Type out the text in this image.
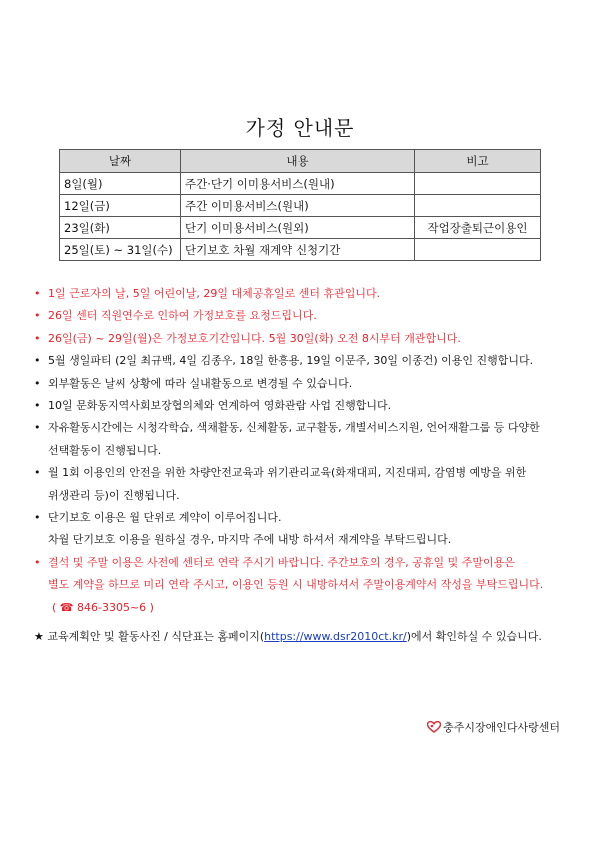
가정 안내문
날짜	내용	비고
8일(월)	주간·단기 이미용서비스(원내)	
12일(금)	주간 이미용서비스(원내)	
23일(화)	단기 이미용서비스(원외)	작업장출퇴근이용인
25일(토) ~ 31일(수)	단기보호 차월 재계약 신청기간	
• 1일 근로자의 날, 5일 어린이날, 29일 대체공휴일로 센터 휴관입니다.
• 26일 센터 직원연수로 인하여 가정보호를 요청드립니다.
• 26일(금) ~ 29일(월)은 가정보호기간입니다. 5월 30일(화) 오전 8시부터 개관합니다.
• 5월 생일파티 (2일 최규백, 4일 김종우, 18일 한흥용, 19일 이문주, 30일 이종건) 이용인 진행합니다.
• 외부활동은 날씨 상황에 따라 실내활동으로 변경될 수 있습니다.
• 10일 문화동지역사회보장협의체와 연계하여 영화관람 사업 진행합니다.
• 자유활동시간에는 시청각학습, 색채활동, 신체활동, 교구활동, 개별서비스지원, 언어재활그룹 등 다양한
선택활동이 진행됩니다.
• 월 1회 이용인의 안전을 위한 차량안전교육과 위기관리교육(화재대피, 지진대피, 감염병 예방을 위한
위생관리 등)이 진행됩니다.
• 단기보호 이용은 월 단위로 계약이 이루어집니다.
차월 단기보호 이용을 원하실 경우, 마지막 주에 내방 하셔서 재계약을 부탁드립니다.
• 결석 및 주말 이용은 사전에 센터로 연락 주시기 바랍니다. 주간보호의 경우, 공휴일 및 주말이용은
별도 계약을 하므로 미리 연락 주시고, 이용인 등원 시 내방하셔서 주말이용계약서 작성을 부탁드립니다.
( ☎ 846-3305~6 )
★ 교육계획안 및 활동사진 / 식단표는 홈페이지(https://www.dsr2010ct.kr/)에서 확인하실 수 있습니다.
충주시장애인다사랑센터
